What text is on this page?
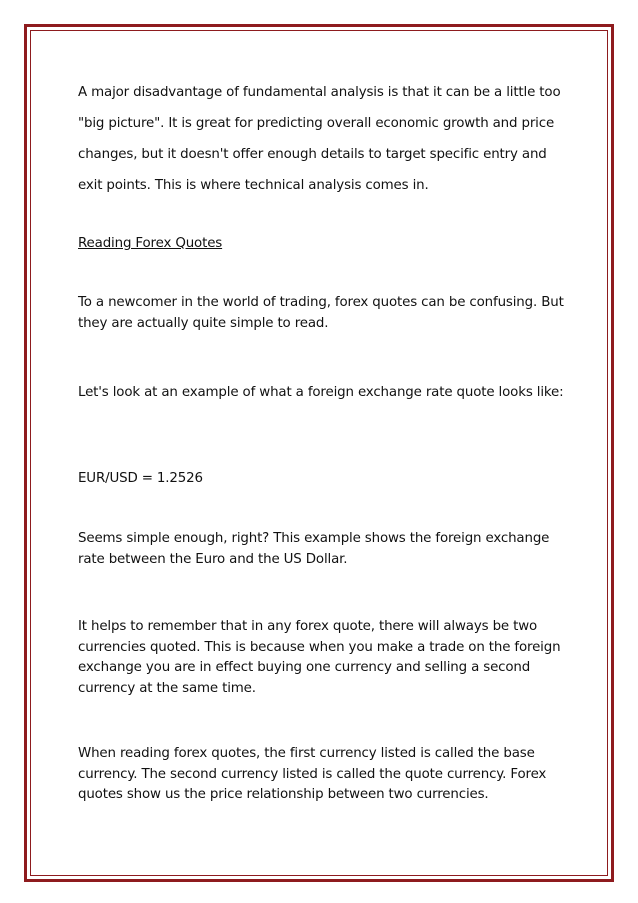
A major disadvantage of fundamental analysis is that it can be a little too "big picture". It is great for predicting overall economic growth and price changes, but it doesn't offer enough details to target specific entry and exit points. This is where technical analysis comes in.

Reading Forex Quotes

To a newcomer in the world of trading, forex quotes can be confusing. But they are actually quite simple to read.

Let's look at an example of what a foreign exchange rate quote looks like:

EUR/USD = 1.2526

Seems simple enough, right? This example shows the foreign exchange rate between the Euro and the US Dollar.

It helps to remember that in any forex quote, there will always be two currencies quoted. This is because when you make a trade on the foreign exchange you are in effect buying one currency and selling a second currency at the same time.

When reading forex quotes, the first currency listed is called the base currency. The second currency listed is called the quote currency. Forex quotes show us the price relationship between two currencies.
